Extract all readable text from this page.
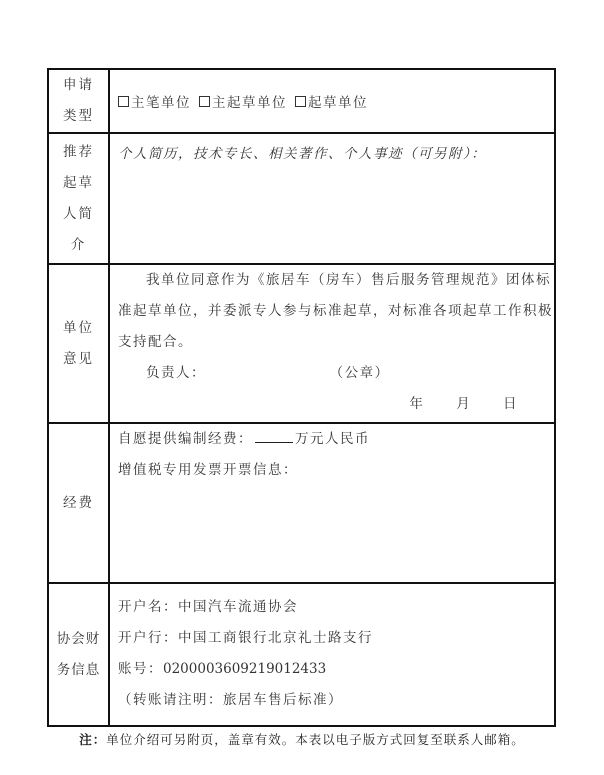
申请
类型
主笔单位 主起草单位 起草单位
推荐
起草
人简
介
个人简历，技术专长、相关著作、个人事迹（可另附）：
单位
意见
我单位同意作为《旅居车（房车）售后服务管理规范》团体标
准起草单位，并委派专人参与标准起草，对标准各项起草工作积极
支持配合。
负责人：	（公章）
年 月 日
经费
自愿提供编制经费：	万元人民币
增值税专用发票开票信息：
协会财
务信息
开户名：中国汽车流通协会
开户行：中国工商银行北京礼士路支行
账号：0200003609219012433
（转账请注明：旅居车售后标准）
注：单位介绍可另附页，盖章有效。本表以电子版方式回复至联系人邮箱。
